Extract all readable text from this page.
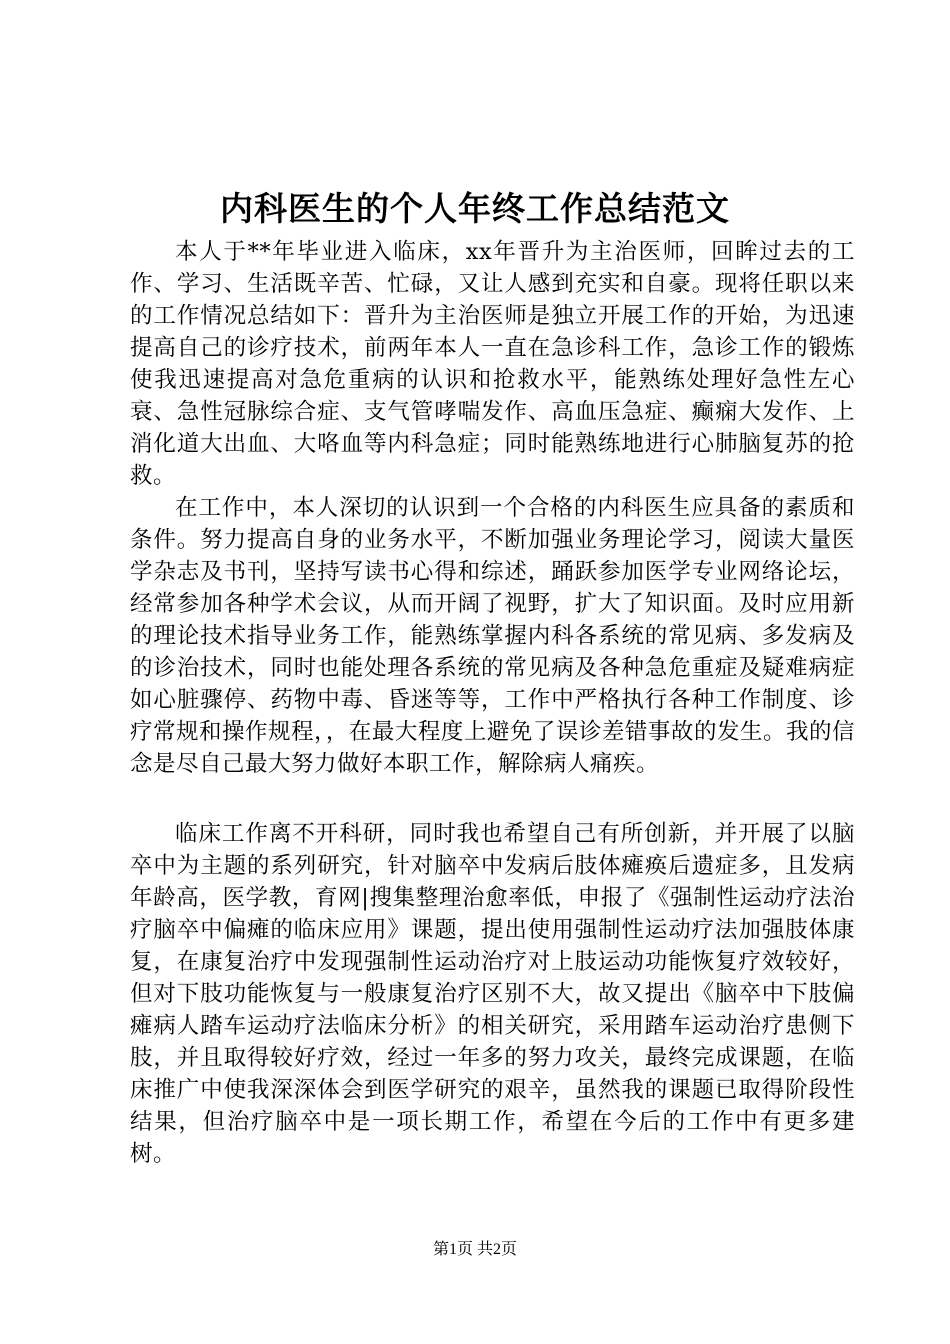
内科医生的个人年终工作总结范文

本人于**年毕业进入临床，xx年晋升为主治医师，回眸过去的工作、学习、生活既辛苦、忙碌，又让人感到充实和自豪。现将任职以来的工作情况总结如下：晋升为主治医师是独立开展工作的开始，为迅速提高自己的诊疗技术，前两年本人一直在急诊科工作，急诊工作的锻炼使我迅速提高对急危重病的认识和抢救水平，能熟练处理好急性左心衰、急性冠脉综合症、支气管哮喘发作、高血压急症、癫痫大发作、上消化道大出血、大咯血等内科急症；同时能熟练地进行心肺脑复苏的抢救。

在工作中，本人深切的认识到一个合格的内科医生应具备的素质和条件。努力提高自身的业务水平，不断加强业务理论学习，阅读大量医学杂志及书刊，坚持写读书心得和综述，踊跃参加医学专业网络论坛，经常参加各种学术会议，从而开阔了视野，扩大了知识面。及时应用新的理论技术指导业务工作，能熟练掌握内科各系统的常见病、多发病及的诊治技术，同时也能处理各系统的常见病及各种急危重症及疑难病症如心脏骤停、药物中毒、昏迷等等，工作中严格执行各种工作制度、诊疗常规和操作规程，，在最大程度上避免了误诊差错事故的发生。我的信念是尽自己最大努力做好本职工作，解除病人痛疾。

临床工作离不开科研，同时我也希望自己有所创新，并开展了以脑卒中为主题的系列研究，针对脑卒中发病后肢体瘫痪后遗症多，且发病年龄高，医学教，育网|搜集整理治愈率低，申报了《强制性运动疗法治疗脑卒中偏瘫的临床应用》课题，提出使用强制性运动疗法加强肢体康复，在康复治疗中发现强制性运动治疗对上肢运动功能恢复疗效较好，但对下肢功能恢复与一般康复治疗区别不大，故又提出《脑卒中下肢偏瘫病人踏车运动疗法临床分析》的相关研究，采用踏车运动治疗患侧下肢，并且取得较好疗效，经过一年多的努力攻关，最终完成课题，在临床推广中使我深深体会到医学研究的艰辛，虽然我的课题已取得阶段性结果，但治疗脑卒中是一项长期工作，希望在今后的工作中有更多建树。

第1页 共2页
